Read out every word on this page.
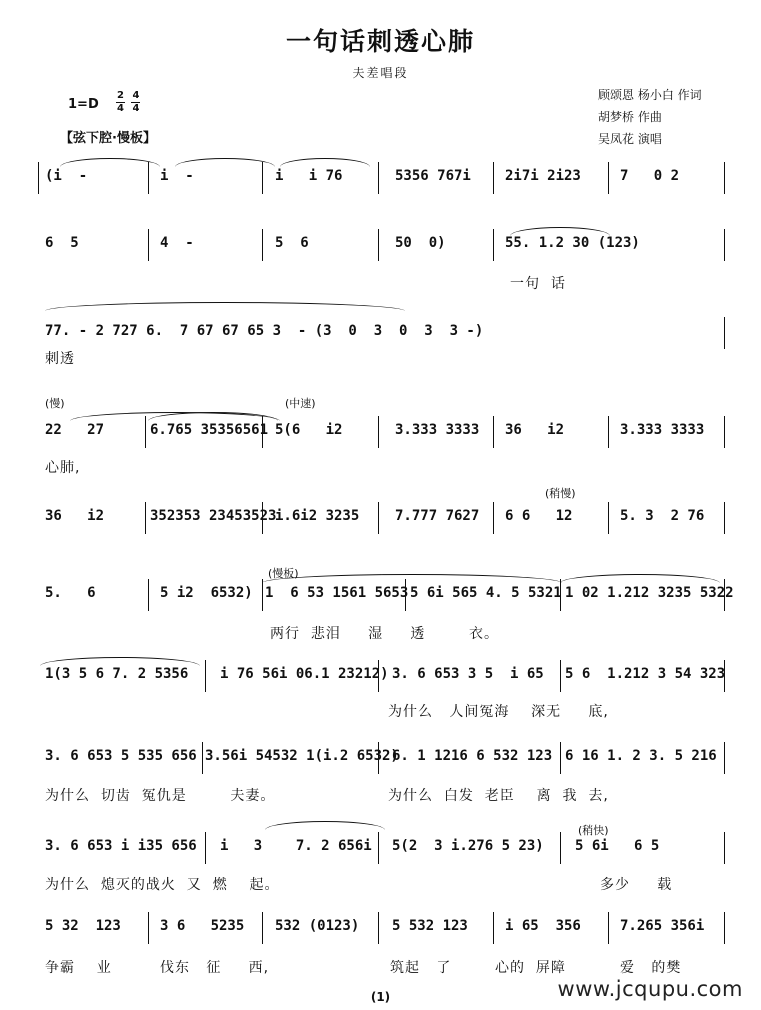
一句话刺透心肺
夫差唱段
$1=D \frac{2}{4} \frac{4}{4}$
【弦下腔·慢板】
顾颂恩 杨小白 作词
胡梦桥 作曲
吴凤花 演唱
(i  -	i  -	i   i 76	5356 767i 2i7i 2i23	7   0 2
6  5	4  -	5  6	50  0)	55. 1.2 30 (123)
一句  话
77. - 2 727 6.  7 67 67 65 3  - (3  0  3  0  3  3 -)
刺透
22   27	6.765 35356561 5(6   i2	3.333 3333 36   i2	3.333 3333
心肺,
(慢)	(中速)
36   i2	352353 23453523
i.6i2 3235	7.777 7627 6 6   12	5. 3  2 76
(稍慢)
5.   6	5 i2  6532) 1  6 53 1561 5653 5 6i 565 4. 5 5321 1 02 1.212 3235 5322
两行  悲泪     湿     透        衣。
(慢板)
1(3 5 6 7. 2 5356 i 76 56i 06.1 23212) 3. 6 653 3 5  i 65 5 6  1.212 3 54 323
为什么   人间冤海    深无     底,
3. 6 653 5 535 656 3.56i 54532 1(i.2 6532)
6. 1 1216 6 532 123 6 16 1. 2 3. 5 216
为什么  切齿  冤仇是        夫妻。	为什么  白发  老臣    离  我  去,
3. 6 653 i i35 656 i   3    7. 2 656i 5(2  3 i.276 5 23) 5 6i   6 5
为什么  熄灭的战火  又  燃    起。	多少     载
(稍快)
5 32  123	3 6   5235 532 (0123) 5 532 123	i 65  356	7.265 356i
争霸    业	伐东   征     西,	筑起   了	心的  屏障	爱   的樊
(1)	www.jcqupu.com
